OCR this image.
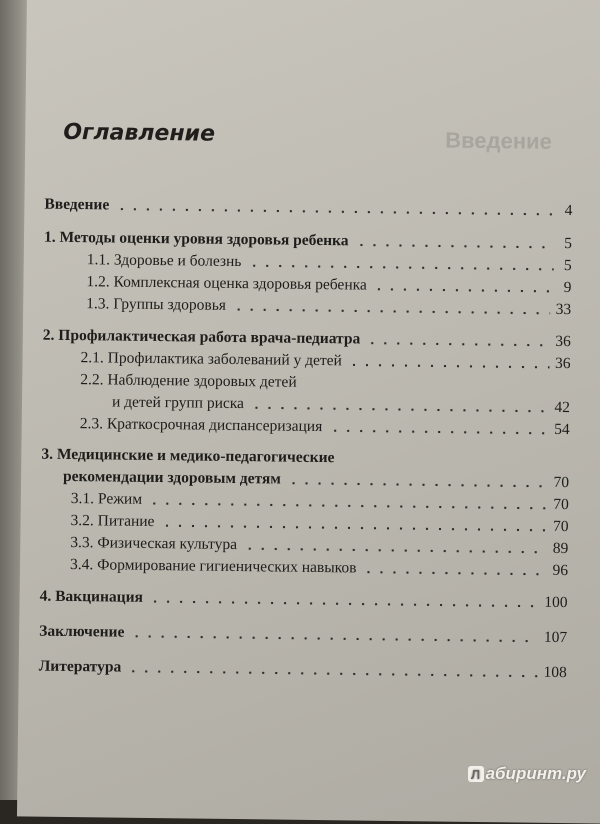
Введение
Оглавление
Введение	4
1. Методы оценки уровня здоровья ребенка	5
1.1. Здоровье и болезнь	5
1.2. Комплексная оценка здоровья ребенка	9
1.3. Группы здоровья	33
2. Профилактическая работа врача-педиатра	36
2.1. Профилактика заболеваний у детей	36
2.2. Наблюдение здоровых детей
и детей групп риска	42
2.3. Краткосрочная диспансеризация	54
3. Медицинские и медико-педагогические
рекомендации здоровым детям	70
3.1. Режим	70
3.2. Питание	70
3.3. Физическая культура	89
3.4. Формирование гигиенических навыков	96
4. Вакцинация	100
Заключение	107
Литература	108
Л абиринт.ру
